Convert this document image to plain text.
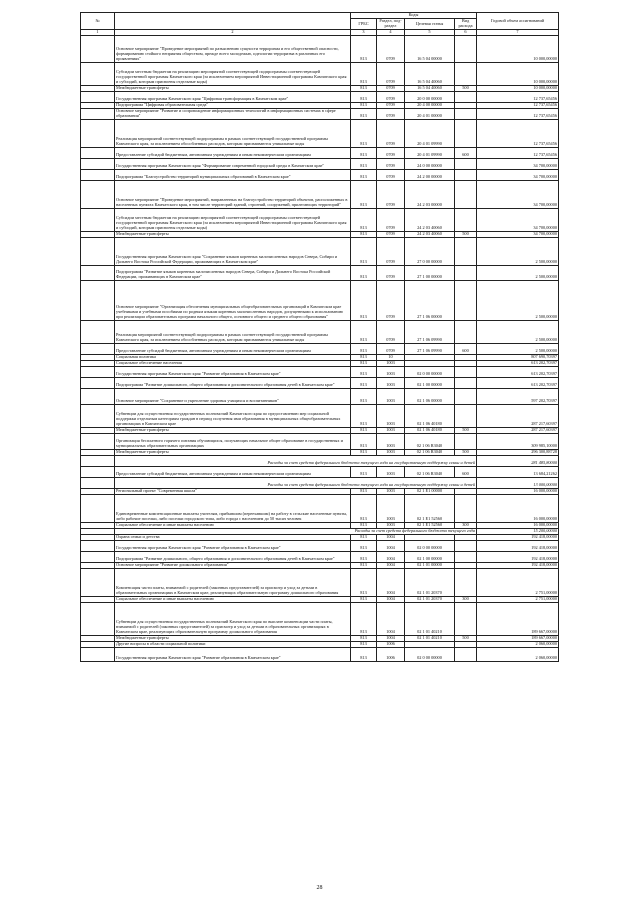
№		Коды				Годовой объем ассигнований
		ГРБС	Раздел, под-раздел	Целевая статья	Вид расхода	
1	2	3	4	5	6	7
	Основное мероприятие "Проведение мероприятий по разъяснению сущности терроризма и его общественной опасности, формированию стойкого неприятия обществом, прежде всего молодежью, идеологии терроризма в различных его проявлениях"	813	0709	16 5 04 00000		10 000,00000
	Субсидии местным бюджетам на реализацию мероприятий соответствующей подпрограммы соответствующей государственной программы Камчатского края (за исключением мероприятий Инвестиционной программы Камчатского края и субсидий, которым присвоены отдельные коды)	813	0709	16 5 04 40060		10 000,00000
	Межбюджетные трансферты	813	0709	16 5 04 40060	500	10 000,00000
	Государственная программа Камчатского края "Цифровая трансформация в Камчатском крае"	813	0709	20 0 00 00000		12 737,65456
	Подпрограмма "Цифровая образовательная среда"	813	0709	20 4 00 00000		12 737,65456
	Основное мероприятие "Развитие и сопровождение информационных технологий в информационных системах в сфере образования"	813	0709	20 4 01 00000		12 737,65456
	Реализация мероприятий соответствующей подпрограммы в рамках соответствующей государственной программы Камчатского края, за исключением обособленных расходов, которым присваиваются уникальные коды	813	0709	20 4 01 09990		12 737,65456
	Предоставление субсидий бюджетным, автономным учреждениям и иным некоммерческим организациям	813	0709	20 4 01 09990	600	12 737,65456
	Государственная программа Камчатского края "Формирование современной городской среды в Камчатском крае"	813	0709	24 0 00 00000		34 700,00000
	Подпрограмма "Благоустройство территорий муниципальных образований в Камчатском крае"	813	0709	24 2 00 00000		34 700,00000
	Основное мероприятие "Проведение мероприятий, направленных на благоустройство территорий объектов, расположенных в населенных пунктах Камчатского края, в том числе территорий зданий, строений, сооружений, прилегающих территорий"	813	0709	24 2 03 00000		34 700,00000
	Субсидии местным бюджетам на реализацию мероприятий соответствующей подпрограммы соответствующей государственной программы Камчатского края (за исключением мероприятий Инвестиционной программы Камчатского края и субсидий, которым присвоены отдельные коды)	813	0709	24 2 03 40060		34 700,00000
	Межбюджетные трансферты	813	0709	24 2 03 40060	500	34 700,00000
	Государственная программа Камчатского края "Сохранение языков коренных малочисленных народов Севера, Сибири и Дальнего Востока Российской Федерации, проживающих в Камчатском крае"	813	0709	27 0 00 00000		2 500,00000
	Подпрограмма "Развитие языков коренных малочисленных народов Севера, Сибири и Дальнего Востока Российской Федерации, проживающих в Камчатском крае"	813	0709	27 1 00 00000		2 500,00000
	Основное мероприятие "Организация обеспечения муниципальных общеобразовательных организаций в Камчатском крае учебниками и учебными пособиями по родным языкам коренных малочисленных народов, допущенными к использованию при реализации образовательных программ начального общего, основного общего и среднего общего образования"	813	0709	27 1 06 00000		2 500,00000
	Реализация мероприятий соответствующей подпрограммы в рамках соответствующей государственной программы Камчатского края, за исключением обособленных расходов, которым присваиваются уникальные коды	813	0709	27 1 06 09990		2 500,00000
	Предоставление субсидий бюджетным, автономным учреждениям и иным некоммерческим организациям	813	0709	27 1 06 09990	600	2 500,00000
	Социальная политика	813	10			807 690,70397
	Социальное обеспечение населения	813	1003			613 202,70397
	Государственная программа Камчатского края "Развитие образования в Камчатском крае"	813	1003	02 0 00 00000		613 202,70397
	Подпрограмма "Развитие дошкольного, общего образования и дополнительного образования детей в Камчатском крае"	813	1003	02 1 00 00000		613 202,70397
	Основное мероприятие "Сохранение и укрепление здоровья учащихся и воспитанников"	813	1003	02 1 06 00000		597 202,70397
	Субвенции для осуществления государственных полномочий Камчатского края по предоставлению мер социальной поддержки отдельным категориям граждан в период получения ими образования в муниципальных общеобразовательных организациях в Камчатском крае	813	1003	02 1 06 40180		287 217,60397
	Межбюджетные трансферты	813	1003	02 1 06 40180	500	287 217,60397
	Организация бесплатного горячего питания обучающихся, получающих начальное общее образование в государственных и муниципальных образовательных организациях	813	1003	02 1 06 R3040		309 985,10000
	Межбюджетные трансферты	813	1003	02 1 06 R3040	500	296 300,88728
	Расходы за счет средств федерального бюджета текущего года на государственную поддержку семьи и детей					281 485,80000
	Предоставление субсидий бюджетным, автономным учреждениям и иным некоммерческим организациям	813	1003	02 1 06 R3040	600	13 684,21262
	Расходы за счет средств федерального бюджета текущего года на государственную поддержку семьи и детей					13 000,00000
	Региональный проект "Современная школа"	813	1003	02 1 E1 00000		16 000,00000
	Единовременные компенсационные выплаты учителям, прибывшим (переехавшим) на работу в сельские населенные пункты, либо рабочие поселки, либо поселки городского типа, либо города с населением до 50 тысяч человек	813	1003	02 1 E1 52560		16 000,00000
	Социальное обеспечение и иные выплаты населению	813	1003	02 1 E1 52560	300	16 000,00000
	Расходы за счет средств федерального бюджета текущего года					15 200,00000
	Охрана семьи и детства	813	1004			192 418,00000
	Государственная программа Камчатского края "Развитие образования в Камчатском крае"	813	1004	02 0 00 00000		192 418,00000
	Подпрограмма "Развитие дошкольного, общего образования и дополнительного образования детей в Камчатском крае"	813	1004	02 1 00 00000		192 418,00000
	Основное мероприятие "Развитие дошкольного образования"	813	1004	02 1 01 00000		192 418,00000
	Компенсация части платы, взимаемой с родителей (законных представителей) за присмотр и уход за детьми в образовательных организациях в Камчатском крае, реализующих образовательную программу дошкольного образования	813	1004	02 1 01 20370		2 751,00000
	Социальное обеспечение и иные выплаты населению	813	1004	02 1 01 20370	300	2 751,00000
	Субвенции для осуществления государственных полномочий Камчатского края по выплате компенсации части платы, взимаемой с родителей (законных представителей) за присмотр и уход за детьми в образовательных организациях в Камчатском крае, реализующих образовательную программу дошкольного образования	813	1004	02 1 01 40210		189 667,00000
	Межбюджетные трансферты	813	1004	02 1 01 40210	500	189 667,00000
	Другие вопросы в области социальной политики	813	1006			2 060,00000
	Государственная программа Камчатского края "Развитие образования в Камчатском крае"	813	1006	02 0 00 00000		2 060,00000
28
